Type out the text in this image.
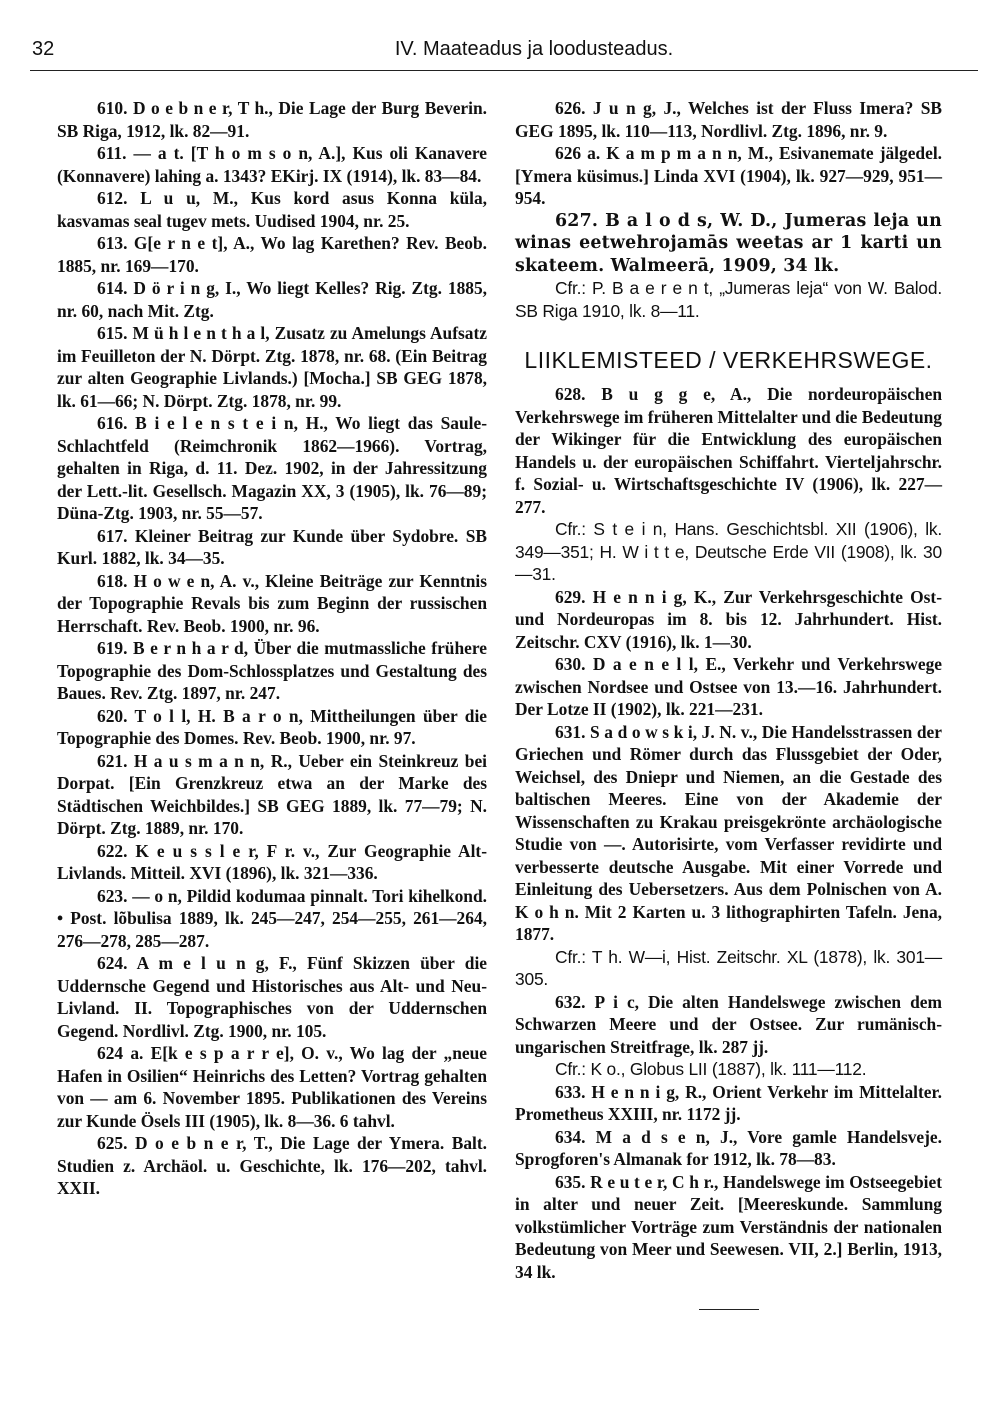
32	IV. Maateadus ja loodusteadus.

610. D o e b n e r, T h., Die Lage der Burg Beverin. SB Riga, 1912, lk. 82—91.

611. — a t. [T h o m s o n, A.], Kus oli Kanavere (Konnavere) lahing a. 1343? EKirj. IX (1914), lk. 83—84.

612. L u u, M., Kus kord asus Konna küla, kasvamas seal tugev mets. Uudised 1904, nr. 25.

613. G[e r n e t], A., Wo lag Karethen? Rev. Beob. 1885, nr. 169—170.

614. D ö r i n g, I., Wo liegt Kelles? Rig. Ztg. 1885, nr. 60, nach Mit. Ztg.

615. M ü h l e n t h a l, Zusatz zu Amelungs Aufsatz im Feuilleton der N. Dörpt. Ztg. 1878, nr. 68. (Ein Beitrag zur alten Geographie Livlands.) [Mocha.] SB GEG 1878, lk. 61—66; N. Dörpt. Ztg. 1878, nr. 99.

616. B i e l e n s t e i n, H., Wo liegt das Saule-Schlachtfeld (Reimchronik 1862—1966). Vortrag, gehalten in Riga, d. 11. Dez. 1902, in der Jahressitzung der Lett.-lit. Gesellsch. Magazin XX, 3 (1905), lk. 76—89; Düna-Ztg. 1903, nr. 55—57.

617. Kleiner Beitrag zur Kunde über Sydobre. SB Kurl. 1882, lk. 34—35.

618. H o w e n, A. v., Kleine Beiträge zur Kenntnis der Topographie Revals bis zum Beginn der russischen Herrschaft. Rev. Beob. 1900, nr. 96.

619. B e r n h a r d, Über die mutmassliche frühere Topographie des Dom-Schlossplatzes und Gestaltung des Baues. Rev. Ztg. 1897, nr. 247.

620. T o l l, H. B a r o n, Mittheilungen über die Topographie des Domes. Rev. Beob. 1900, nr. 97.

621. H a u s m a n n, R., Ueber ein Steinkreuz bei Dorpat. [Ein Grenzkreuz etwa an der Marke des Städtischen Weichbildes.] SB GEG 1889, lk. 77—79; N. Dörpt. Ztg. 1889, nr. 170.

622. K e u s s l e r, F r. v., Zur Geographie Alt-Livlands. Mitteil. XVI (1896), lk. 321—336.

623. — o n, Pildid kodumaa pinnalt. Tori kihelkond. • Post. lõbulisa 1889, lk. 245—247, 254—255, 261—264, 276—278, 285—287.

624. A m e l u n g, F., Fünf Skizzen über die Uddernsche Gegend und Historisches aus Alt- und Neu-Livland. II. Topographisches von der Uddernschen Gegend. Nordlivl. Ztg. 1900, nr. 105.

624 a. E[k e s p a r r e], O. v., Wo lag der „neue Hafen in Osilien“ Heinrichs des Letten? Vortrag gehalten von — am 6. November 1895. Publikationen des Vereins zur Kunde Ösels III (1905), lk. 8—36. 6 tahvl.

625. D o e b n e r, T., Die Lage der Ymera. Balt. Studien z. Archäol. u. Geschichte, lk. 176—202, tahvl. XXII.

626. J u n g, J., Welches ist der Fluss Imera? SB GEG 1895, lk. 110—113, Nordlivl. Ztg. 1896, nr. 9.

626 a. K a m p m a n n, M., Esivanemate jälgedel. [Ymera küsimus.] Linda XVI (1904), lk. 927—929, 951—954.

627. B a l o d s, W. D., Jumeras leja un winas eetwehrojamās weetas ar 1 karti un skateem. Walmeerā, 1909, 34 lk.

Cfr.: P. B a e r e n t, „Jumeras leja“ von W. Balod. SB Riga 1910, lk. 8—11.

LIIKLEMISTEED / VERKEHRSWEGE.

628. B u g g e, A., Die nordeuropäischen Verkehrswege im früheren Mittelalter und die Bedeutung der Wikinger für die Entwicklung des europäischen Handels u. der europäischen Schiffahrt. Vierteljahrschr. f. Sozial- u. Wirtschaftsgeschichte IV (1906), lk. 227—277.

Cfr.: S t e i n, Hans. Geschichtsbl. XII (1906), lk. 349—351; H. W i t t e, Deutsche Erde VII (1908), lk. 30—31.

629. H e n n i g, K., Zur Verkehrsgeschichte Ost- und Nordeuropas im 8. bis 12. Jahrhundert. Hist. Zeitschr. CXV (1916), lk. 1—30.

630. D a e n e l l, E., Verkehr und Verkehrswege zwischen Nordsee und Ostsee von 13.—16. Jahrhundert. Der Lotze II (1902), lk. 221—231.

631. S a d o w s k i, J. N. v., Die Handelsstrassen der Griechen und Römer durch das Flussgebiet der Oder, Weichsel, des Dniepr und Niemen, an die Gestade des baltischen Meeres. Eine von der Akademie der Wissenschaften zu Krakau preisgekrönte archäologische Studie von —. Autorisirte, vom Verfasser revidirte und verbesserte deutsche Ausgabe. Mit einer Vorrede und Einleitung des Uebersetzers. Aus dem Polnischen von A. K o h n. Mit 2 Karten u. 3 lithographirten Tafeln. Jena, 1877.

Cfr.: T h. W—i, Hist. Zeitschr. XL (1878), lk. 301—305.

632. P i c, Die alten Handelswege zwischen dem Schwarzen Meere und der Ostsee. Zur rumänisch-ungarischen Streitfrage, lk. 287 jj.

Cfr.: K o., Globus LII (1887), lk. 111—112.

633. H e n n i g, R., Orient Verkehr im Mittelalter. Prometheus XXIII, nr. 1172 jj.

634. M a d s e n, J., Vore gamle Handelsveje. Sprogforen's Almanak for 1912, lk. 78—83.

635. R e u t e r, C h r., Handelswege im Ostseegebiet in alter und neuer Zeit. [Meereskunde. Sammlung volkstümlicher Vorträge zum Verständnis der nationalen Bedeutung von Meer und Seewesen. VII, 2.] Berlin, 1913, 34 lk.
